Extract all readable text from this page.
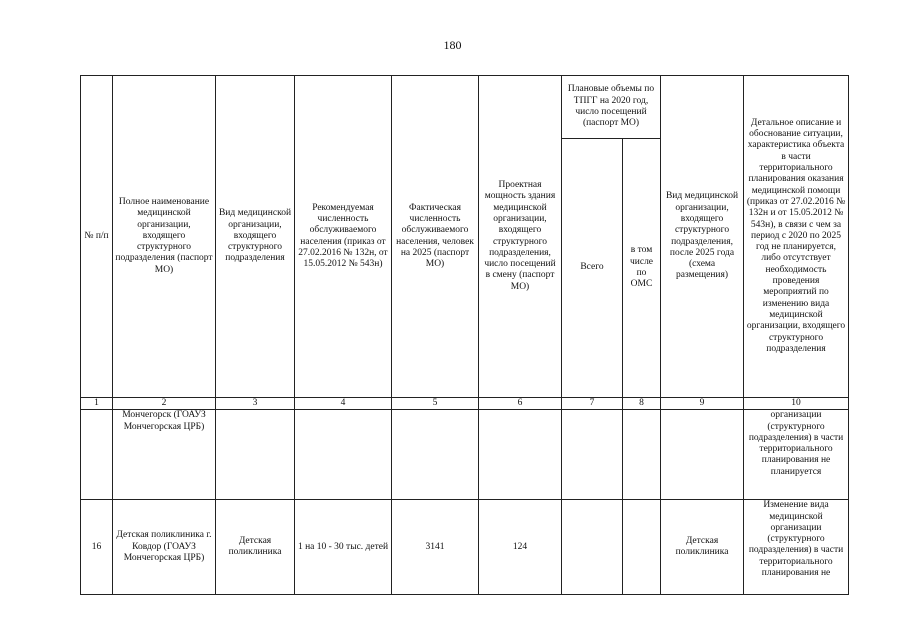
180
№ п/п	Полное наименование медицинской организации, входящего структурного подразделения (паспорт МО)	Вид медицинской организации, входящего структурного подразделения	Рекомендуемая численность обслуживаемого населения (приказ от 27.02.2016 № 132н, от 15.05.2012 № 543н)	Фактическая численность обслуживаемого населения, человек на 2025 (паспорт МО)	Проектная мощность здания медицинской организации, входящего структурного подразделения, число посещений в смену (паспорт МО)	Плановые объемы по ТПГГ на 2020 год, число посещений (паспорт МО)		Вид медицинской организации, входящего структурного подразделения, после 2025 года (схема размещения)	Детальное описание и обоснование ситуации, характеристика объекта в части территориального планирования оказания медицинской помощи (приказ от 27.02.2016 № 132н и от 15.05.2012 № 543н), в связи с чем за период с 2020 по 2025 год не планируется, либо отсутствует необходимость проведения мероприятий по изменению вида медицинской организации, входящего структурного подразделения
						Всего	в том числе по ОМС		
1	2	3	4	5	6	7	8	9	10
	Мончегорск (ГОАУЗ Мончегорская ЦРБ)								организации (структурного подразделения) в части территориального планирования не планируется
16	Детская поликлиника г. Ковдор (ГОАУЗ Мончегорская ЦРБ)	Детская поликлиника	1 на 10 - 30 тыс. детей	3141	124			Детская поликлиника	Изменение вида медицинской организации (структурного подразделения) в части территориального планирования не
